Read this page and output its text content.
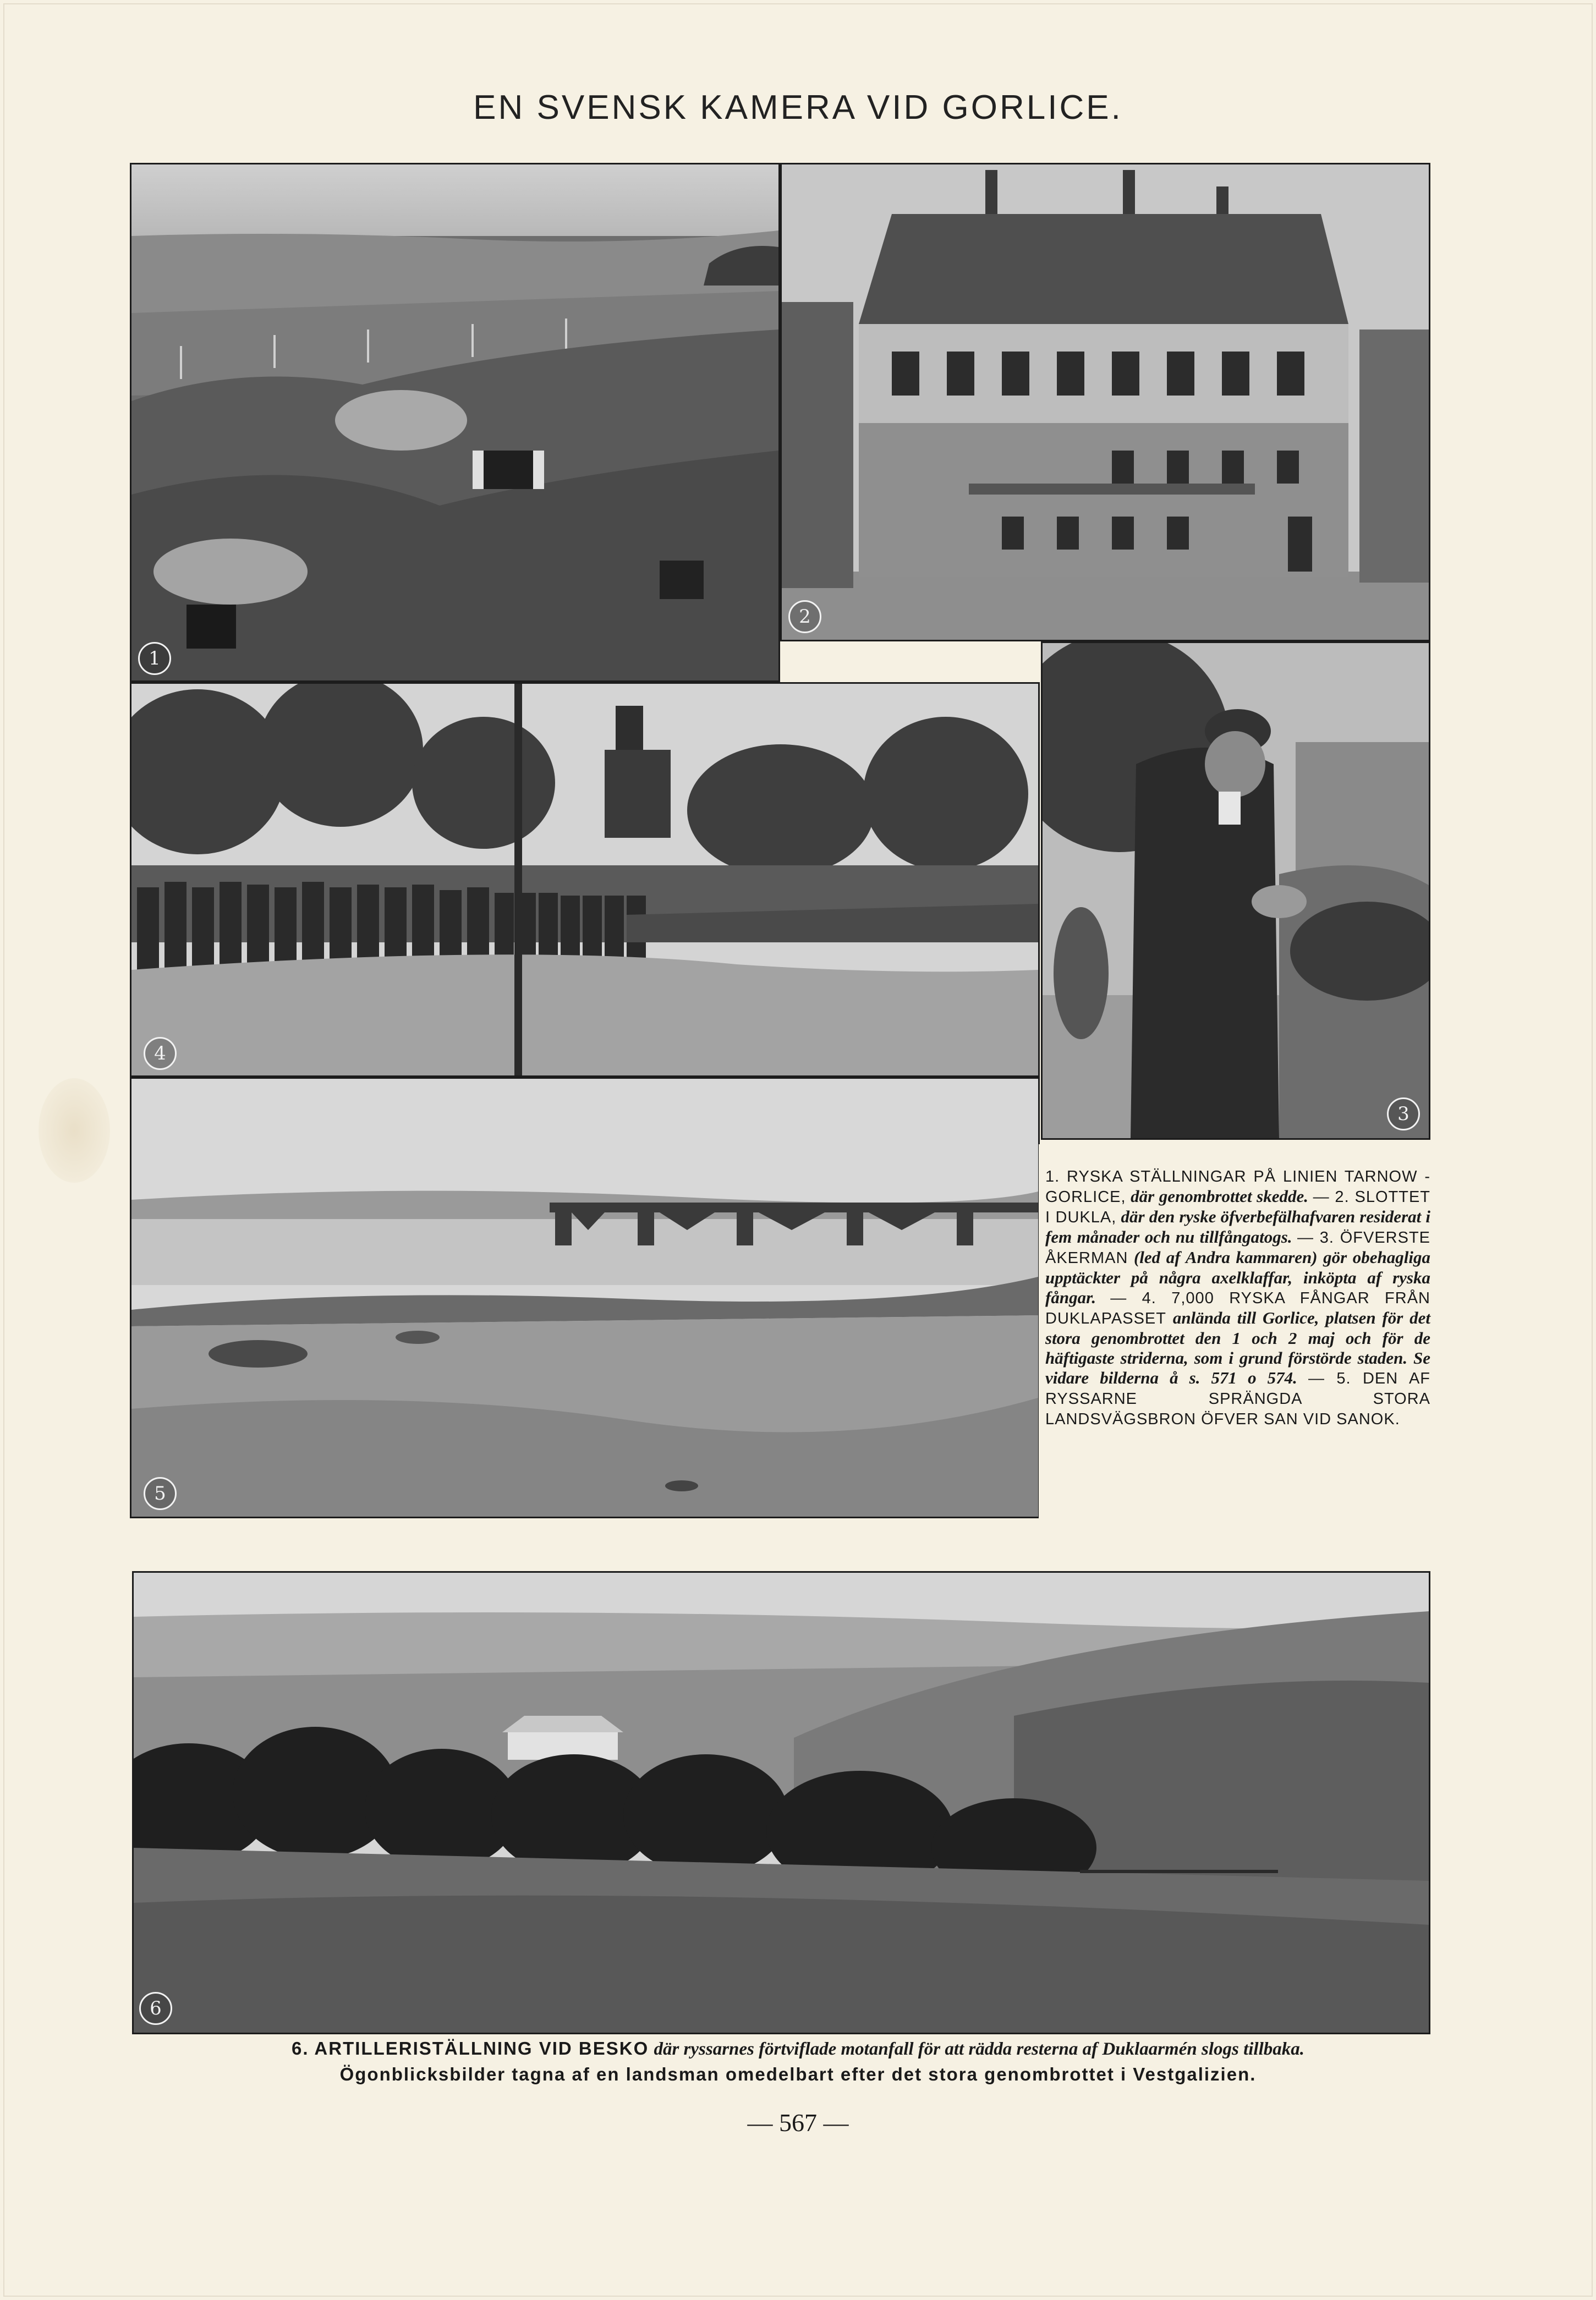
EN SVENSK KAMERA VID GORLICE.
1
2
4
3
5
1. RYSKA STÄLLNINGAR PÅ LINIEN TARNOW - GORLICE, där genombrottet skedde. — 2. SLOTTET I DUKLA, där den ryske öfverbefälhafvaren residerat i fem månader och nu tillfångatogs. — 3. ÖFVERSTE ÅKERMAN (led af Andra kammaren) gör obehagliga upptäckter på några axelklaffar, inköpta af ryska fångar. — 4. 7,000 RYSKA FÅNGAR FRÅN DUKLAPASSET anlända till Gorlice, platsen för det stora genombrottet den 1 och 2 maj och för de häftigaste striderna, som i grund förstörde staden. Se vidare bilderna å s. 571 o 574. — 5. DEN AF RYSSARNE SPRÄNGDA STORA LANDSVÄGSBRON ÖFVER SAN VID SANOK.
6
6. ARTILLERISTÄLLNING VID BESKO där ryssarnes förtviflade motanfall för att rädda resterna af Duklaarmén slogs tillbaka.
Ögonblicksbilder tagna af en landsman omedelbart efter det stora genombrottet i Vestgalizien.
— 567 —
